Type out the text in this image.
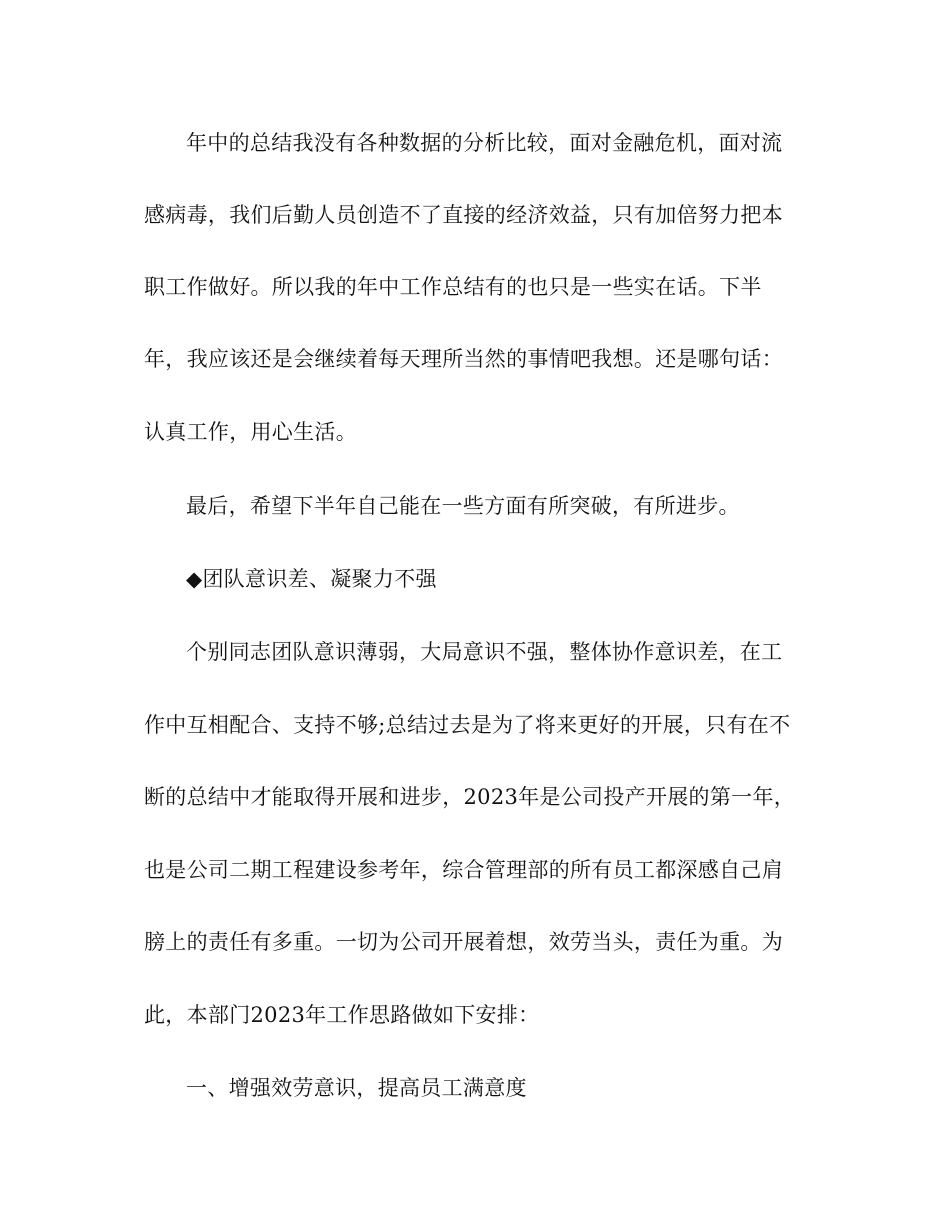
年中的总结我没有各种数据的分析比较，面对金融危机，面对流
感病毒，我们后勤人员创造不了直接的经济效益，只有加倍努力把本
职工作做好。所以我的年中工作总结有的也只是一些实在话。下半
年，我应该还是会继续着每天理所当然的事情吧我想。还是哪句话：
认真工作，用心生活。
最后，希望下半年自己能在一些方面有所突破，有所进步。
◆团队意识差、凝聚力不强
个别同志团队意识薄弱，大局意识不强，整体协作意识差，在工
作中互相配合、支持不够;总结过去是为了将来更好的开展，只有在不
断的总结中才能取得开展和进步，2023年是公司投产开展的第一年，
也是公司二期工程建设参考年，综合管理部的所有员工都深感自己肩
膀上的责任有多重。一切为公司开展着想，效劳当头，责任为重。为
此，本部门2023年工作思路做如下安排：
一、增强效劳意识，提高员工满意度
